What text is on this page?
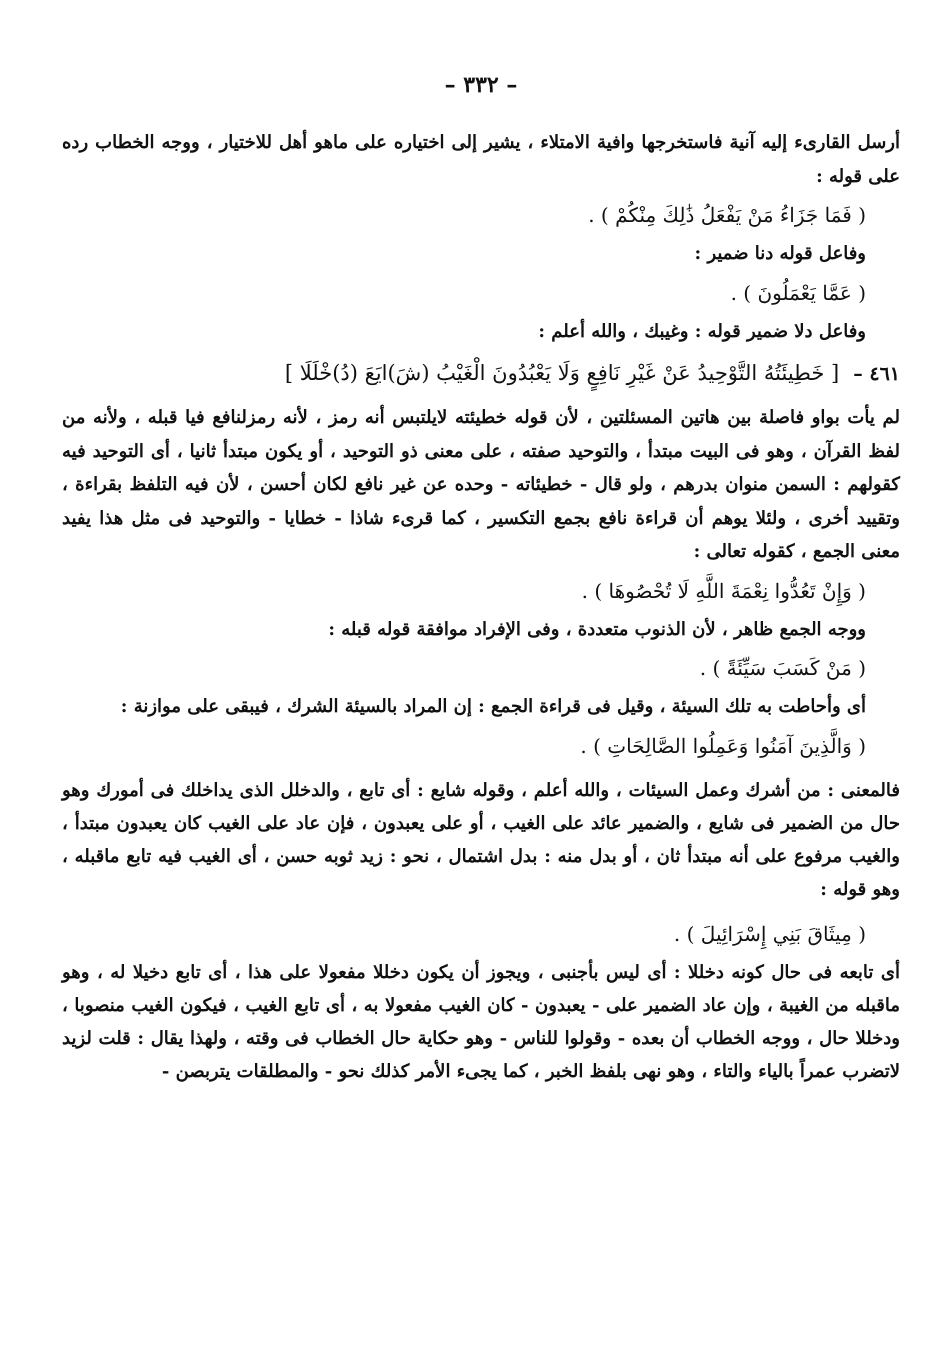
– ٣٣٢ –

أرسل القارىء إليه آنية فاستخرجها وافية الامتلاء ، يشير إلى اختياره على ماهو أهل للاختيار ، ووجه الخطاب رده على قوله :

( فَمَا جَزَاءُ مَنْ يَفْعَلُ ذَٰلِكَ مِنْكُمْ ) .

وفاعل قوله دنا ضمير :

( عَمَّا يَعْمَلُونَ ) .

وفاعل دلا ضمير قوله : وغيبك ، والله أعلم :

٤٦١ –
[ خَطِيئَتُهُ التَّوْحِيدُ عَنْ غَيْرِ نَافِعٍ وَلَا يَعْبُدُونَ الْغَيْبُ (شَ)ايَعَ (دُ)خْلَلَا ]

لم يأت بواو فاصلة بين هاتين المسئلتين ، لأن قوله خطيئته لايلتبس أنه رمز ، لأنه رمزلنافع فيا قبله ، ولأنه من لفظ القرآن ، وهو فى البيت مبتدأ ، والتوحيد صفته ، على معنى ذو التوحيد ، أو يكون مبتدأ ثانيا ، أى التوحيد فيه كقولهم : السمن منوان بدرهم ، ولو قال - خطيئاته - وحده عن غير نافع لكان أحسن ، لأن فيه التلفظ بقراءة ، وتقييد أخرى ، ولئلا يوهم أن قراءة نافع بجمع التكسير ، كما قرىء شاذا - خطايا - والتوحيد فى مثل هذا يفيد معنى الجمع ، كقوله تعالى :

( وَإِنْ تَعُدُّوا نِعْمَةَ اللَّهِ لَا تُحْصُوهَا ) .

ووجه الجمع ظاهر ، لأن الذنوب متعددة ، وفى الإفراد موافقة قوله قبله :

( مَنْ كَسَبَ سَيِّئَةً ) .

أى وأحاطت به تلك السيئة ، وقيل فى قراءة الجمع : إن المراد بالسيئة الشرك ، فيبقى على موازنة :

( وَالَّذِينَ آمَنُوا وَعَمِلُوا الصَّالِحَاتِ ) .

فالمعنى : من أشرك وعمل السيئات ، والله أعلم ، وقوله شايع : أى تابع ، والدخلل الذى يداخلك فى أمورك وهو حال من الضمير فى شايع ، والضمير عائد على الغيب ، أو على يعبدون ، فإن عاد على الغيب كان يعبدون مبتدأ ، والغيب مرفوع على أنه مبتدأ ثان ، أو بدل منه : بدل اشتمال ، نحو : زيد ثوبه حسن ، أى الغيب فيه تابع ماقبله ، وهو قوله :

( مِيثَاقَ بَنِي إِسْرَائِيلَ ) .

أى تابعه فى حال كونه دخللا : أى ليس بأجنبى ، ويجوز أن يكون دخللا مفعولا على هذا ، أى تابع دخيلا له ، وهو ماقبله من الغيبة ، وإن عاد الضمير على - يعبدون - كان الغيب مفعولا به ، أى تابع الغيب ، فيكون الغيب منصوبا ، ودخللا حال ، ووجه الخطاب أن بعده - وقولوا للناس - وهو حكاية حال الخطاب فى وقته ، ولهذا يقال : قلت لزيد لاتضرب عمراً بالياء والتاء ، وهو نهى بلفظ الخبر ، كما يجىء الأمر كذلك نحو - والمطلقات يتربصن -
